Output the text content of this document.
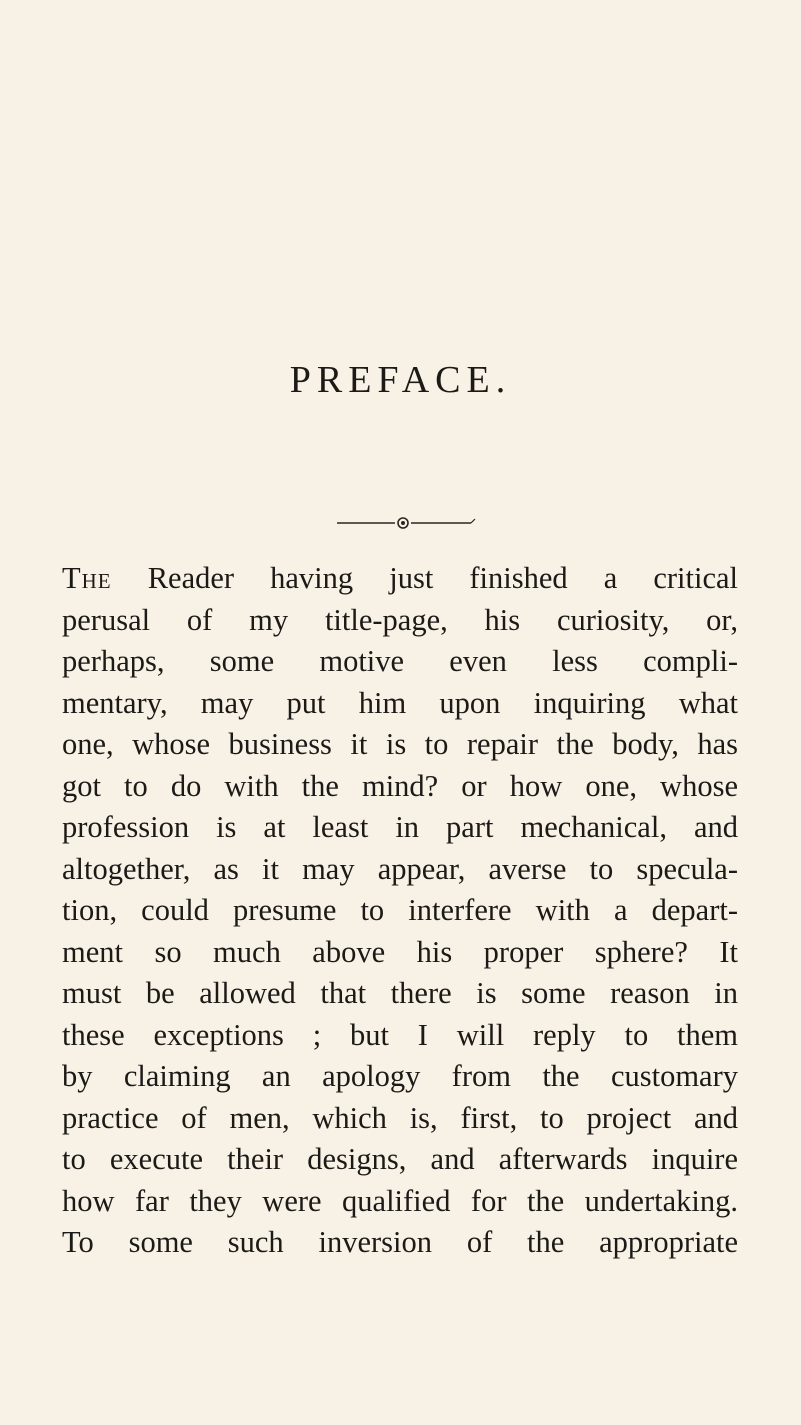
PREFACE.
The Reader having just finished a critical
perusal of my title-page, his curiosity, or,
perhaps, some motive even less compli-
mentary, may put him upon inquiring what
one, whose business it is to repair the body, has
got to do with the mind? or how one, whose
profession is at least in part mechanical, and
altogether, as it may appear, averse to specula-
tion, could presume to interfere with a depart-
ment so much above his proper sphere? It
must be allowed that there is some reason in
these exceptions ; but I will reply to them
by claiming an apology from the customary
practice of men, which is, first, to project and
to execute their designs, and afterwards inquire
how far they were qualified for the undertaking.
To some such inversion of the appropriate
